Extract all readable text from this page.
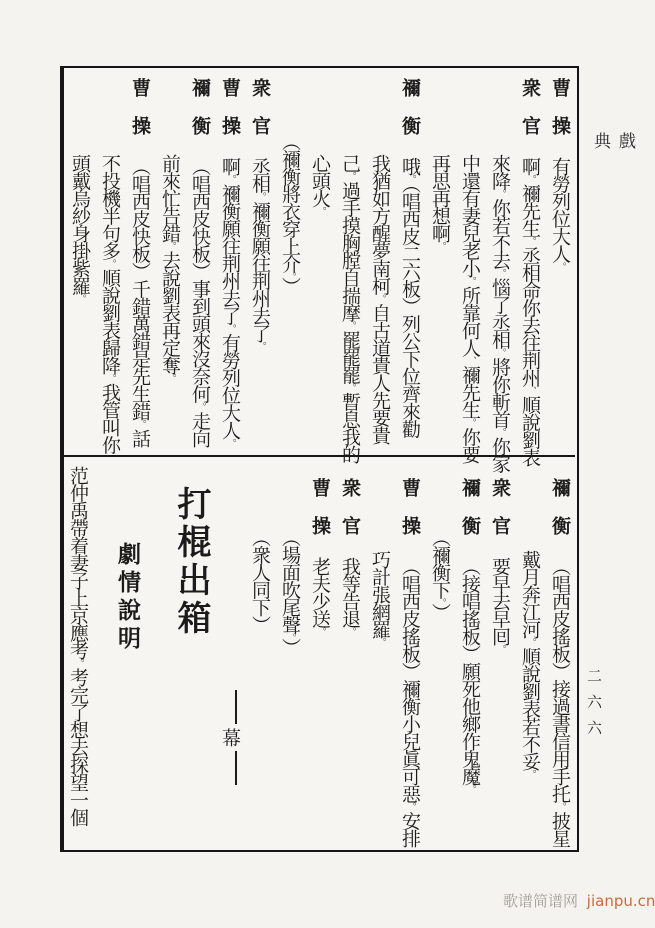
曹操有勞列位大人。
衆官啊。禰先生。丞相命你去往荆州、順說劉表
來降。你若不去。惱了丞相。將你斬首。你家
中還有妻兒老小。所靠何人、禰先生。你要
再思再想啊。
禰衡哦。（唱西皮二六板）列公下位齊來勸
我猶如方醒夢南柯。自古道貴人先要貴
己。過手摸胸膛自揣摩。罷罷罷。暫息我的
心頭火。
（禰衡將衣穿上介。）
衆官丞相。禰衡願往荆州去了。
曹操啊。禰衡願往荆州去了。有勞列位大人。
禰衡（唱西皮快板）事到頭來沒奈何。走向
前來忙告錯。去說劉表再定奪。
曹操（唱西皮快板）千錯萬錯是先生錯。話
不投機半句多。順說劉表歸降。我管叫你
頭戴烏紗身掛紫羅。
禰衡（唱西皮搖板）接過書信用手托。披星
戴月奔江河。順說劉表若不妥。
衆官要早去早囘。
禰衡（接唱搖板）願死他鄉作鬼魔。
（禰衡下。）
曹操（唱西皮搖板）禰衡小兒眞可惡。安排
巧計張網羅。
衆官我等告退。
曹操老夫少送。
（場面吹尾聲。）
（衆人同下）
幕
打棍出箱
劇情說明
范仲禹帶着妻子上京應考。考完了想去探望一個
戲
典
二六六
歌谱简谱网 jianpu.cn
